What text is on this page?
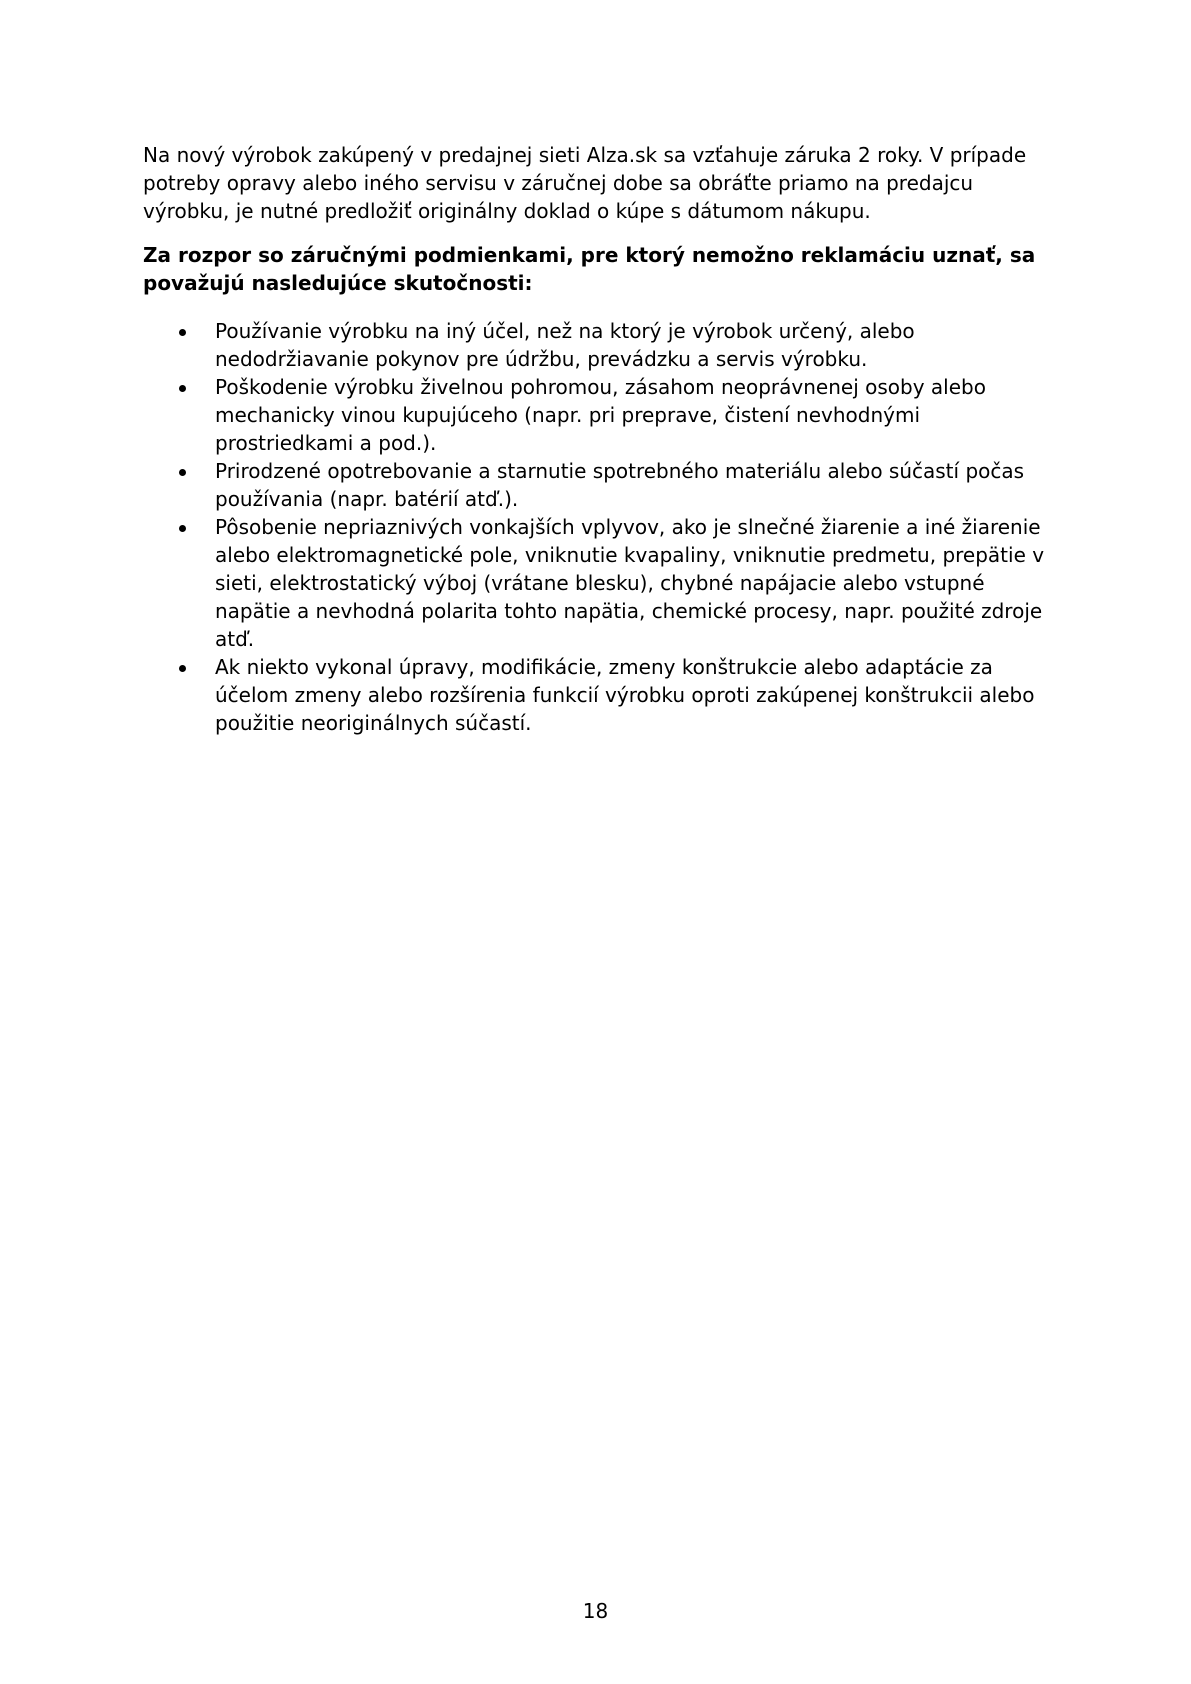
Na nový výrobok zakúpený v predajnej sieti Alza.sk sa vzťahuje záruka 2 roky. V prípade potreby opravy alebo iného servisu v záručnej dobe sa obráťte priamo na predajcu výrobku, je nutné predložiť originálny doklad o kúpe s dátumom nákupu.

Za rozpor so záručnými podmienkami, pre ktorý nemožno reklamáciu uznať, sa považujú nasledujúce skutočnosti:

Používanie výrobku na iný účel, než na ktorý je výrobok určený, alebo nedodržiavanie pokynov pre údržbu, prevádzku a servis výrobku.
Poškodenie výrobku živelnou pohromou, zásahom neoprávnenej osoby alebo mechanicky vinou kupujúceho (napr. pri preprave, čistení nevhodnými prostriedkami a pod.).
Prirodzené opotrebovanie a starnutie spotrebného materiálu alebo súčastí počas používania (napr. batérií atď.).
Pôsobenie nepriaznivých vonkajších vplyvov, ako je slnečné žiarenie a iné žiarenie alebo elektromagnetické pole, vniknutie kvapaliny, vniknutie predmetu, prepätie v sieti, elektrostatický výboj (vrátane blesku), chybné napájacie alebo vstupné napätie a nevhodná polarita tohto napätia, chemické procesy, napr. použité zdroje atď.
Ak niekto vykonal úpravy, modifikácie, zmeny konštrukcie alebo adaptácie za účelom zmeny alebo rozšírenia funkcií výrobku oproti zakúpenej konštrukcii alebo použitie neoriginálnych súčastí.
18
